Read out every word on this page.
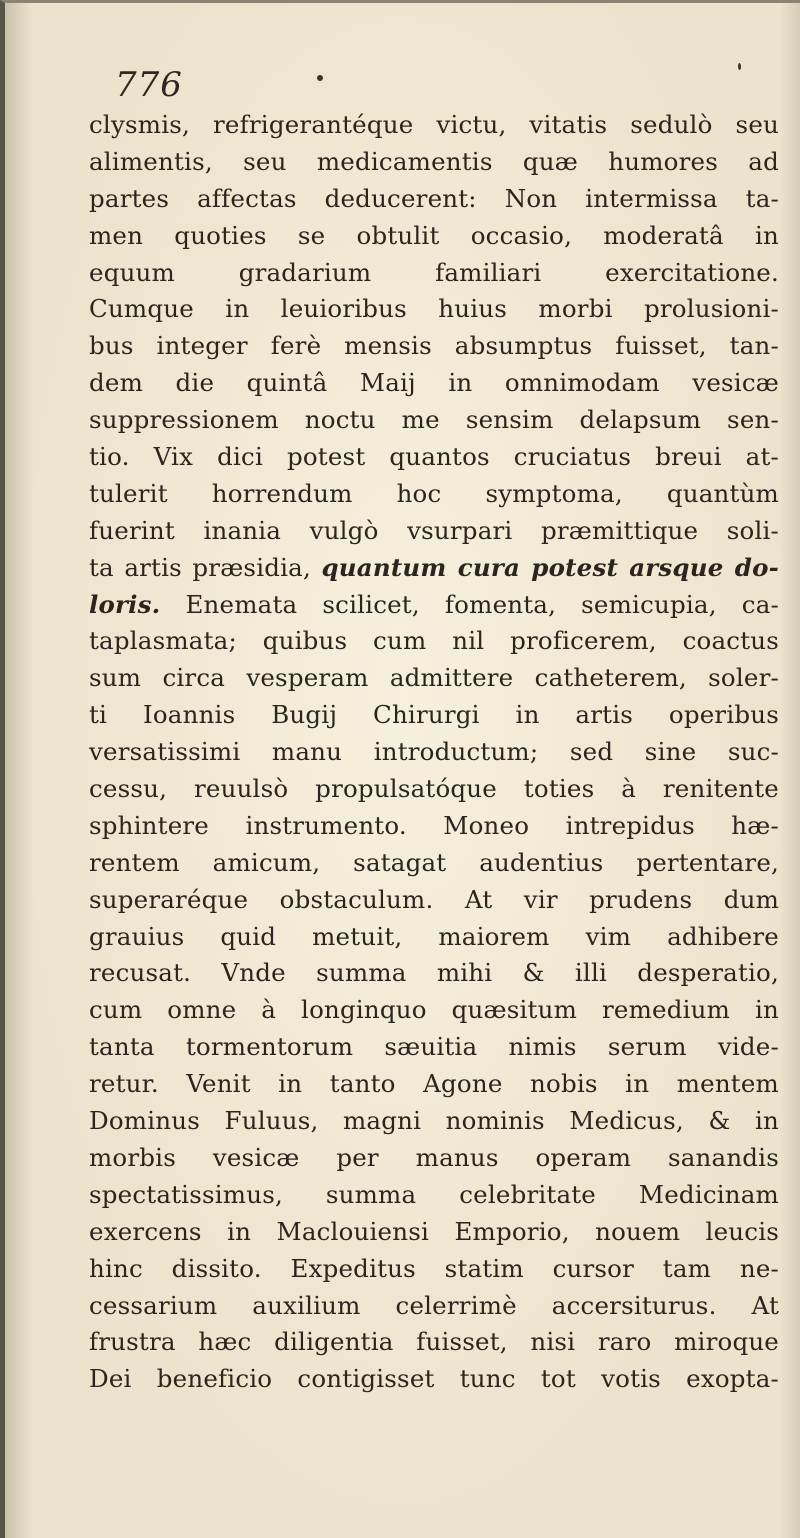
776
clysmis, refrigerantéque victu, vitatis sedulò seu
alimentis, seu medicamentis quæ humores ad
partes affectas deducerent: Non intermissa ta-
men quoties se obtulit occasio, moderatâ in
equum gradarium familiari exercitatione.
Cumque in leuioribus huius morbi prolusioni-
bus integer ferè mensis absumptus fuisset, tan-
dem die quintâ Maij in omnimodam vesicæ
suppressionem noctu me sensim delapsum sen-
tio. Vix dici potest quantos cruciatus breui at-
tulerit horrendum hoc symptoma, quantùm
fuerint inania vulgò vsurpari præmittique soli-
ta artis præsidia, quantum cura potest arsque do-
loris. Enemata scilicet, fomenta, semicupia, ca-
taplasmata; quibus cum nil proficerem, coactus
sum circa vesperam admittere catheterem, soler-
ti Ioannis Bugij Chirurgi in artis operibus
versatissimi manu introductum; sed sine suc-
cessu, reuulsò propulsatóque toties à renitente
sphintere instrumento. Moneo intrepidus hæ-
rentem amicum, satagat audentius pertentare,
superaréque obstaculum. At vir prudens dum
grauius quid metuit, maiorem vim adhibere
recusat. Vnde summa mihi & illi desperatio,
cum omne à longinquo quæsitum remedium in
tanta tormentorum sæuitia nimis serum vide-
retur. Venit in tanto Agone nobis in mentem
Dominus Fuluus, magni nominis Medicus, & in
morbis vesicæ per manus operam sanandis
spectatissimus, summa celebritate Medicinam
exercens in Maclouiensi Emporio, nouem leucis
hinc dissito. Expeditus statim cursor tam ne-
cessarium auxilium celerrimè accersiturus. At
frustra hæc diligentia fuisset, nisi raro miroque
Dei beneficio contigisset tunc tot votis exopta-
